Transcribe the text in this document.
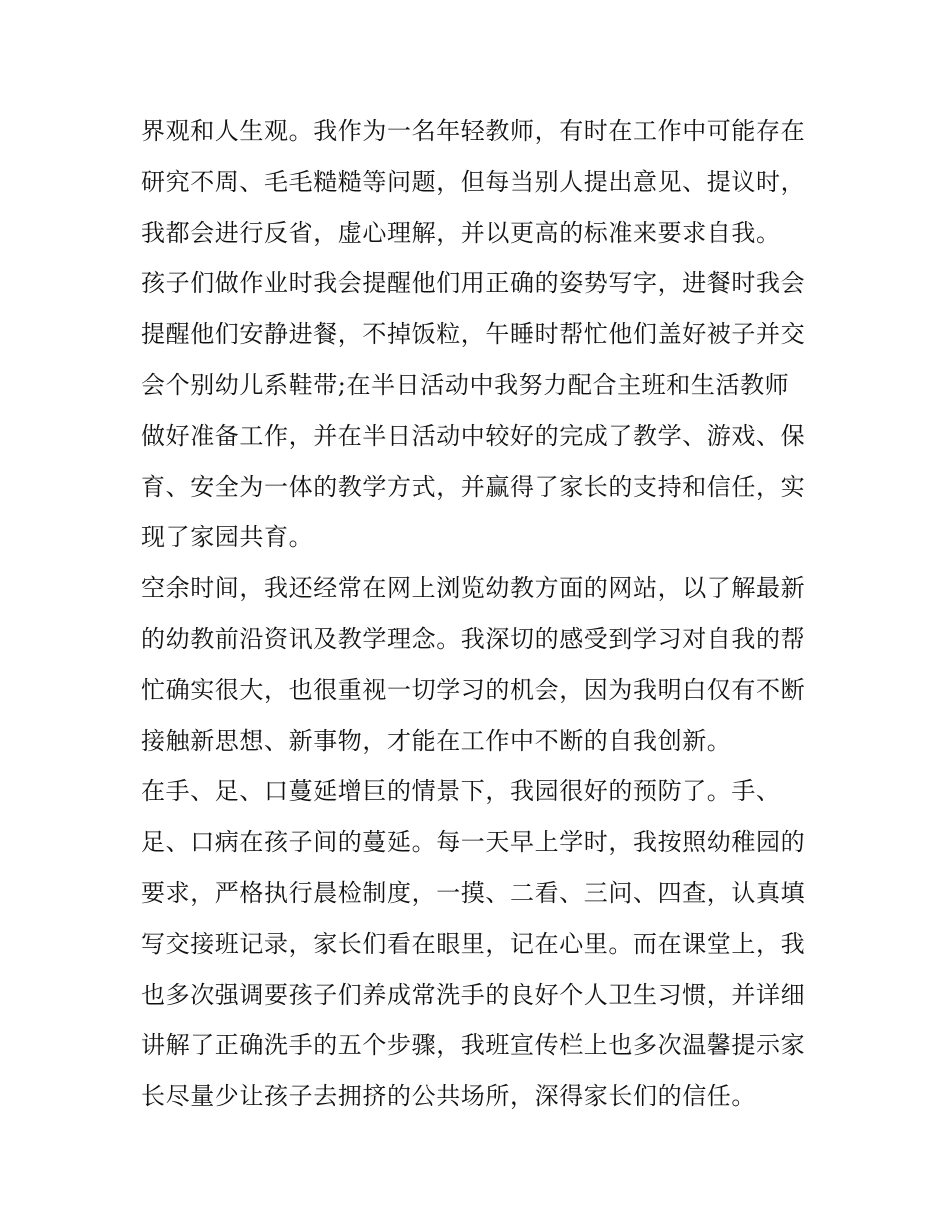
界观和人生观。我作为一名年轻教师，有时在工作中可能存在
研究不周、毛毛糙糙等问题，但每当别人提出意见、提议时，
我都会进行反省，虚心理解，并以更高的标准来要求自我。
孩子们做作业时我会提醒他们用正确的姿势写字，进餐时我会
提醒他们安静进餐，不掉饭粒，午睡时帮忙他们盖好被子并交
会个别幼儿系鞋带;在半日活动中我努力配合主班和生活教师
做好准备工作，并在半日活动中较好的完成了教学、游戏、保
育、安全为一体的教学方式，并赢得了家长的支持和信任，实
现了家园共育。
空余时间，我还经常在网上浏览幼教方面的网站，以了解最新
的幼教前沿资讯及教学理念。我深切的感受到学习对自我的帮
忙确实很大，也很重视一切学习的机会，因为我明白仅有不断
接触新思想、新事物，才能在工作中不断的自我创新。
在手、足、口蔓延增巨的情景下，我园很好的预防了。手、
足、口病在孩子间的蔓延。每一天早上学时，我按照幼稚园的
要求，严格执行晨检制度，一摸、二看、三问、四查，认真填
写交接班记录，家长们看在眼里，记在心里。而在课堂上，我
也多次强调要孩子们养成常洗手的良好个人卫生习惯，并详细
讲解了正确洗手的五个步骤，我班宣传栏上也多次温馨提示家
长尽量少让孩子去拥挤的公共场所，深得家长们的信任。
